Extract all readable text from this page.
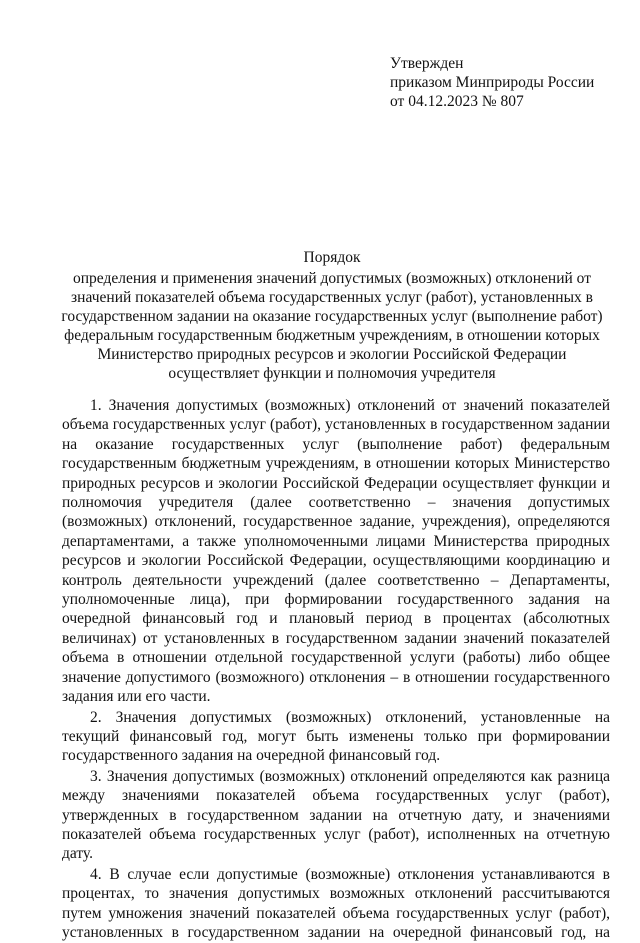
Утвержден
приказом Минприроды России
от 04.12.2023 № 807
Порядок
определения и применения значений допустимых (возможных) отклонений от
значений показателей объема государственных услуг (работ), установленных в
государственном задании на оказание государственных услуг (выполнение работ)
федеральным государственным бюджетным учреждениям, в отношении которых
Министерство природных ресурсов и экологии Российской Федерации
осуществляет функции и полномочия учредителя
1. Значения допустимых (возможных) отклонений от значений показателей объема государственных услуг (работ), установленных в государственном задании на оказание государственных услуг (выполнение работ) федеральным государственным бюджетным учреждениям, в отношении которых Министерство природных ресурсов и экологии Российской Федерации осуществляет функции и полномочия учредителя (далее соответственно – значения допустимых (возможных) отклонений, государственное задание, учреждения), определяются департаментами, а также уполномоченными лицами Министерства природных ресурсов и экологии Российской Федерации, осуществляющими координацию и контроль деятельности учреждений (далее соответственно – Департаменты, уполномоченные лица), при формировании государственного задания на очередной финансовый год и плановый период в процентах (абсолютных величинах) от установленных в государственном задании значений показателей объема в отношении отдельной государственной услуги (работы) либо общее значение допустимого (возможного) отклонения – в отношении государственного задания или его части.
2. Значения допустимых (возможных) отклонений, установленные на текущий финансовый год, могут быть изменены только при формировании государственного задания на очередной финансовый год.
3. Значения допустимых (возможных) отклонений определяются как разница между значениями показателей объема государственных услуг (работ), утвержденных в государственном задании на отчетную дату, и значениями показателей объема государственных услуг (работ), исполненных на отчетную дату.
4. В случае если допустимые (возможные) отклонения устанавливаются в процентах, то значения допустимых возможных отклонений рассчитываются путем умножения значений показателей объема государственных услуг (работ), установленных в государственном задании на очередной финансовый год, на
